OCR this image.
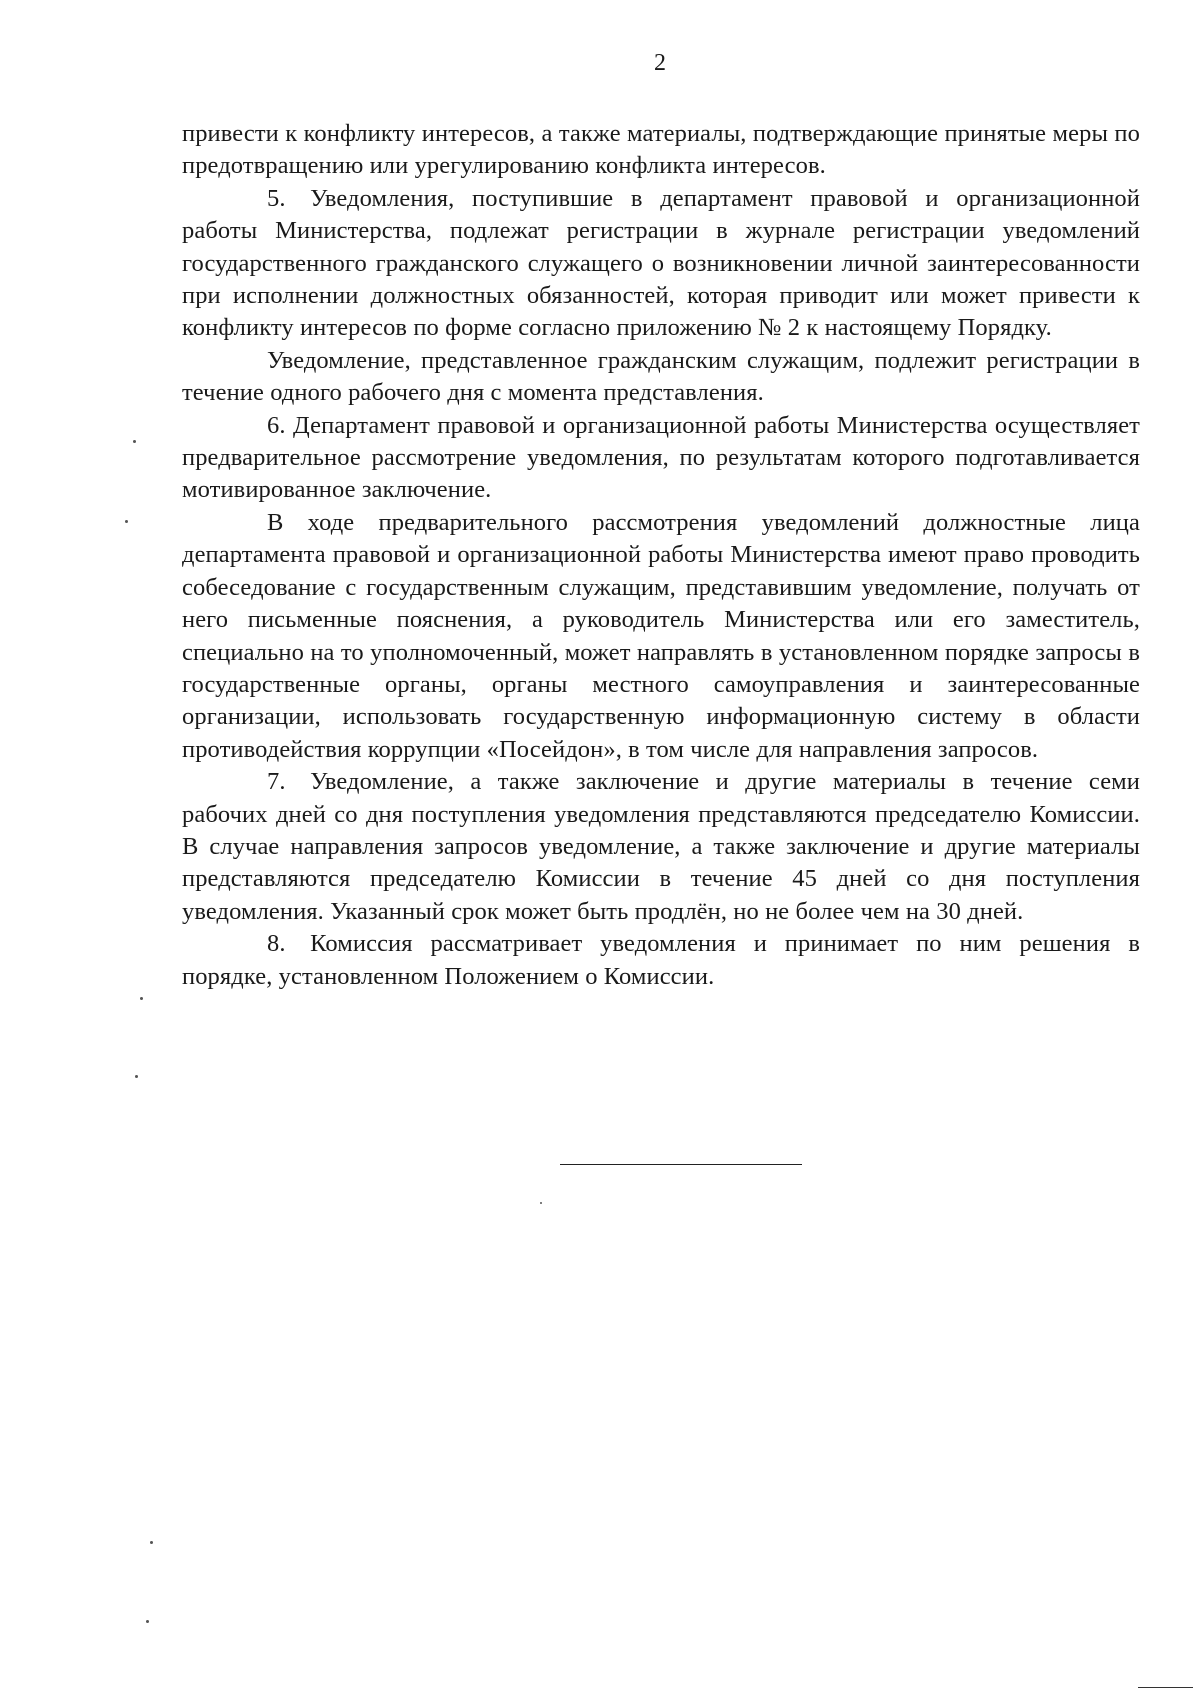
2

привести к конфликту интересов, а также материалы, подтверждающие принятые меры по предотвращению или урегулированию конфликта интересов.

5. Уведомления, поступившие в департамент правовой и организационной работы Министерства, подлежат регистрации в журнале регистрации уведомлений государственного гражданского служащего о возникновении личной заинтересованности при исполнении должностных обязанностей, которая приводит или может привести к конфликту интересов по форме согласно приложению № 2 к настоящему Порядку.

Уведомление, представленное гражданским служащим, подлежит регистрации в течение одного рабочего дня с момента представления.

6. Департамент правовой и организационной работы Министерства осуществляет предварительное рассмотрение уведомления, по результатам которого подготавливается мотивированное заключение.

В ходе предварительного рассмотрения уведомлений должностные лица департамента правовой и организационной работы Министерства имеют право проводить собеседование с государственным служащим, представившим уведомление, получать от него письменные пояснения, а руководитель Министерства или его заместитель, специально на то уполномоченный, может направлять в установленном порядке запросы в государственные органы, органы местного самоуправления и заинтересованные организации, использовать государственную информационную систему в области противодействия коррупции «Посейдон», в том числе для направления запросов.

7. Уведомление, а также заключение и другие материалы в течение семи рабочих дней со дня поступления уведомления представляются председателю Комиссии. В случае направления запросов уведомление, а также заключение и другие материалы представляются председателю Комиссии в течение 45 дней со дня поступления уведомления. Указанный срок может быть продлён, но не более чем на 30 дней.

8. Комиссия рассматривает уведомления и принимает по ним решения в порядке, установленном Положением о Комиссии.
